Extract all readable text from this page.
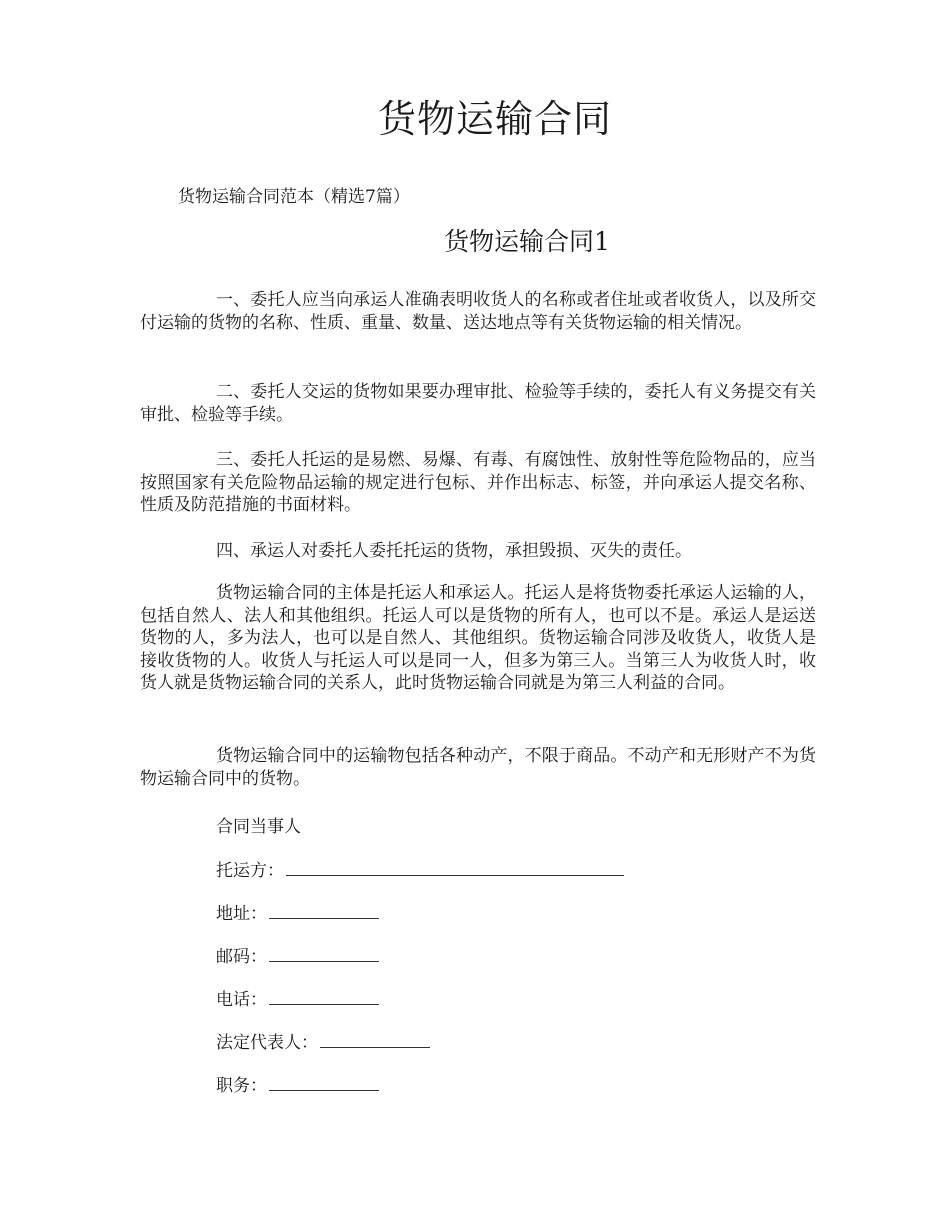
货物运输合同

货物运输合同范本（精选7篇）

货物运输合同1

一、委托人应当向承运人准确表明收货人的名称或者住址或者收货人，以及所交付运输的货物的名称、性质、重量、数量、送达地点等有关货物运输的相关情况。

二、委托人交运的货物如果要办理审批、检验等手续的，委托人有义务提交有关审批、检验等手续。

三、委托人托运的是易燃、易爆、有毒、有腐蚀性、放射性等危险物品的，应当按照国家有关危险物品运输的规定进行包标、并作出标志、标签，并向承运人提交名称、性质及防范措施的书面材料。

四、承运人对委托人委托托运的货物，承担毁损、灭失的责任。

货物运输合同的主体是托运人和承运人。托运人是将货物委托承运人运输的人，包括自然人、法人和其他组织。托运人可以是货物的所有人，也可以不是。承运人是运送货物的人，多为法人，也可以是自然人、其他组织。货物运输合同涉及收货人，收货人是接收货物的人。收货人与托运人可以是同一人，但多为第三人。当第三人为收货人时，收货人就是货物运输合同的关系人，此时货物运输合同就是为第三人利益的合同。

货物运输合同中的运输物包括各种动产，不限于商品。不动产和无形财产不为货物运输合同中的货物。

合同当事人

托运方：

地址：

邮码：

电话：

法定代表人：

职务：
